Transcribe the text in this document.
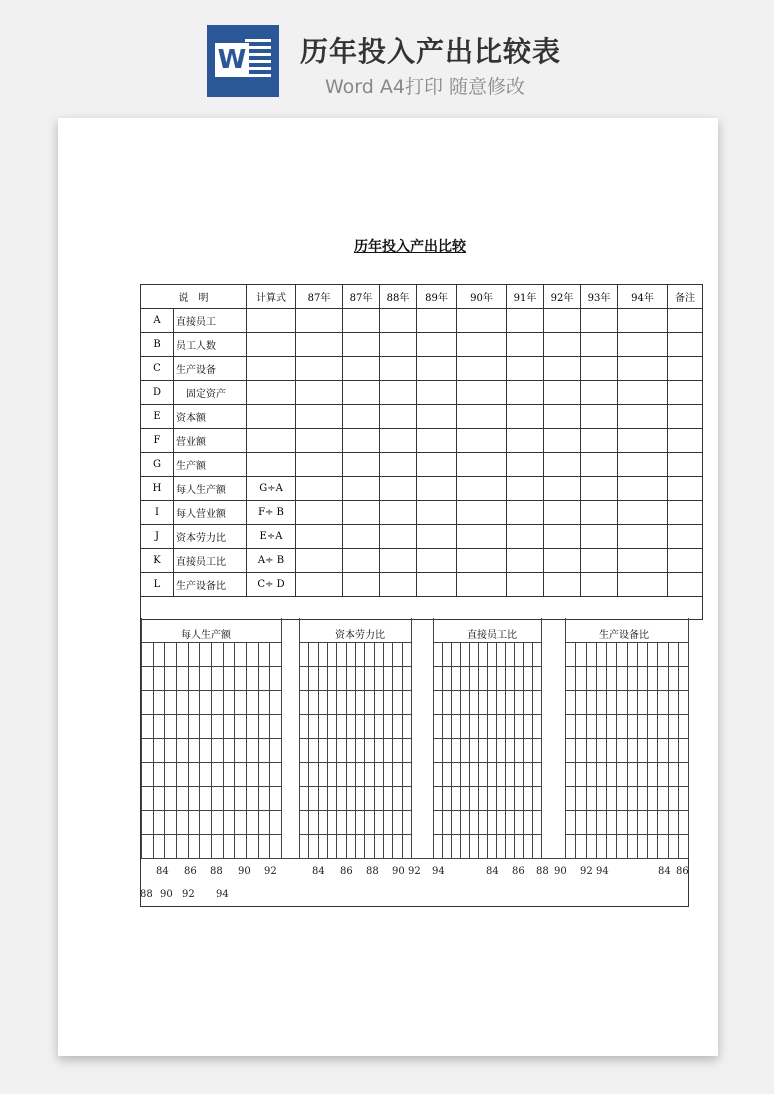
W 历年投入产出比较表
Word A4打印 随意修改
历年投入产出比较
说　明		计算式	87年	87年	88年	89年	90年	91年	92年	93年	94年	备注
A	直接员工											
B	员工人数											
C	生产设备											
D	　固定资产											
E	资本额											
F	营业额											
G	生产额											
H	每人生产额	G÷A										
I	每人营业额	F÷ B										
J	资本劳力比	E÷A										
K	直接员工比	A÷ B										
L	生产设备比	C÷ D										

每人生产额	资本劳力比	直接员工比	生产设备比
84 86 88 90 92	84 86 88 90 92 94	84 86 88 90 92 94	84 86
88 90 92 94
